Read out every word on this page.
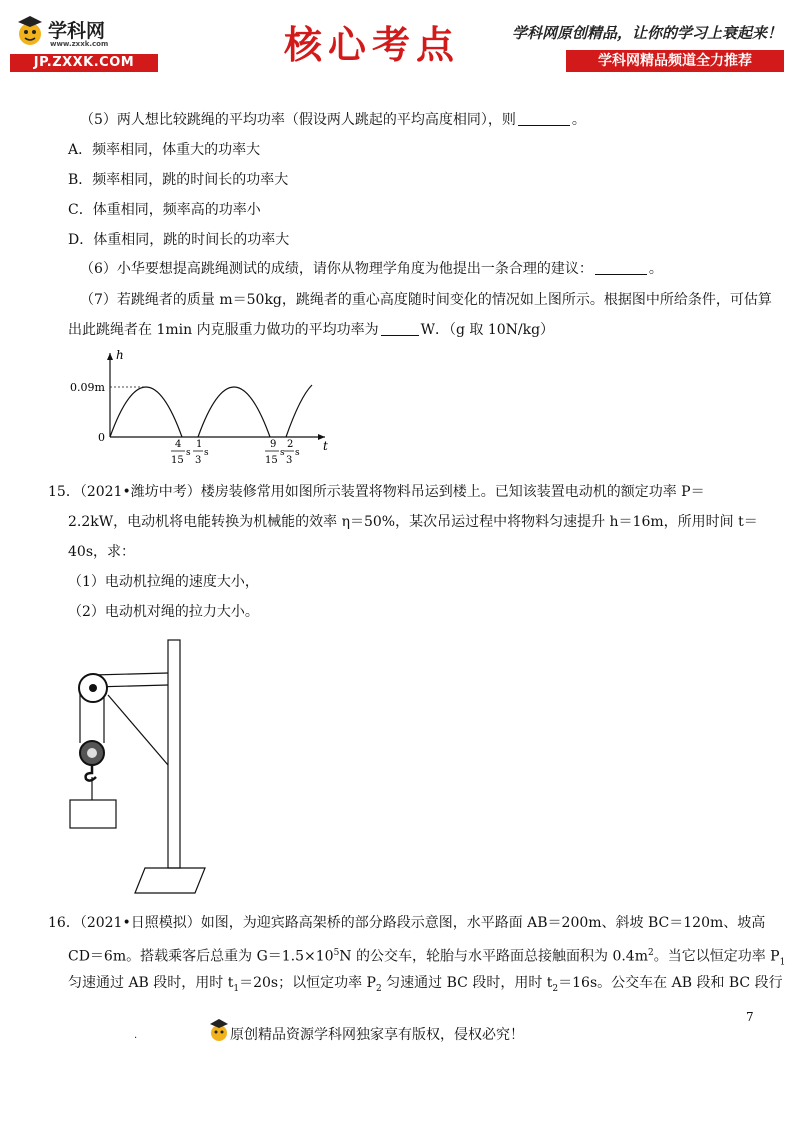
学科网
www.zxxk.com
JP.ZXXK.COM	核心考点	学科网原创精品，让你的学习上衰起来！
学科网精品频道全力推荐
（5）两人想比较跳绳的平均功率（假设两人跳起的平均高度相同），则	。
A．频率相同，体重大的功率大
B．频率相同，跳的时间长的功率大
C．体重相同，频率高的功率小
D．体重相同，跳的时间长的功率大
（6）小华要想提高跳绳测试的成绩，请你从物理学角度为他提出一条合理的建议：	。
（7）若跳绳者的质量 m＝50kg，跳绳者的重心高度随时间变化的情况如上图所示。根据图中所给条件，可估算
出此跳绳者在 1min 内克服重力做功的平均功率为	W．（g 取 10N/kg）
h
t
0
0.09m
4
15
s
1
3
s
9
15
s
2
3
s
15．（2021•潍坊中考）楼房装修常用如图所示装置将物料吊运到楼上。已知该装置电动机的额定功率 P＝
2.2kW，电动机将电能转换为机械能的效率 η＝50%，某次吊运过程中将物料匀速提升 h＝16m，所用时间 t＝
40s，求：
（1）电动机拉绳的速度大小，
（2）电动机对绳的拉力大小。
16．（2021•日照模拟）如图，为迎宾路高架桥的部分路段示意图，水平路面 AB＝200m、斜坡 BC＝120m、坡高
CD＝6m。搭载乘客后总重为 $G=1.5\times 10^5N$ 的公交车，轮胎与水平路面总接触面积为 $0.4m^2$。当它以恒定功率 $P_1$
匀速通过 AB 段时，用时 $t_1=20s$；以恒定功率 $P_2$ 匀速通过 BC 段时，用时 $t_2=16s$。公交车在 AB 段和 BC 段行
7
.	原创精品资源学科网独家享有版权，侵权必究！
